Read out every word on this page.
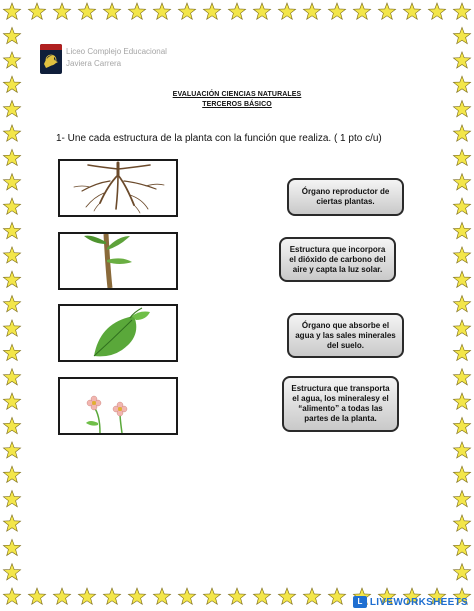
Liceo Complejo Educacional
Javiera Carrera
EVALUACIÓN CIENCIAS NATURALES
TERCEROS BÁSICO
1- Une cada estructura de la planta con la función que realiza. ( 1 pto c/u)
Órgano reproductor de ciertas plantas.
Estructura que incorpora el dióxido de carbono del aire y capta la luz solar.
Órgano que absorbe el agua y las sales minerales del suelo.
Estructura que transporta el agua, los mineralesy el “alimento” a todas las partes de la planta.
L LIVEWORKSHEETS
